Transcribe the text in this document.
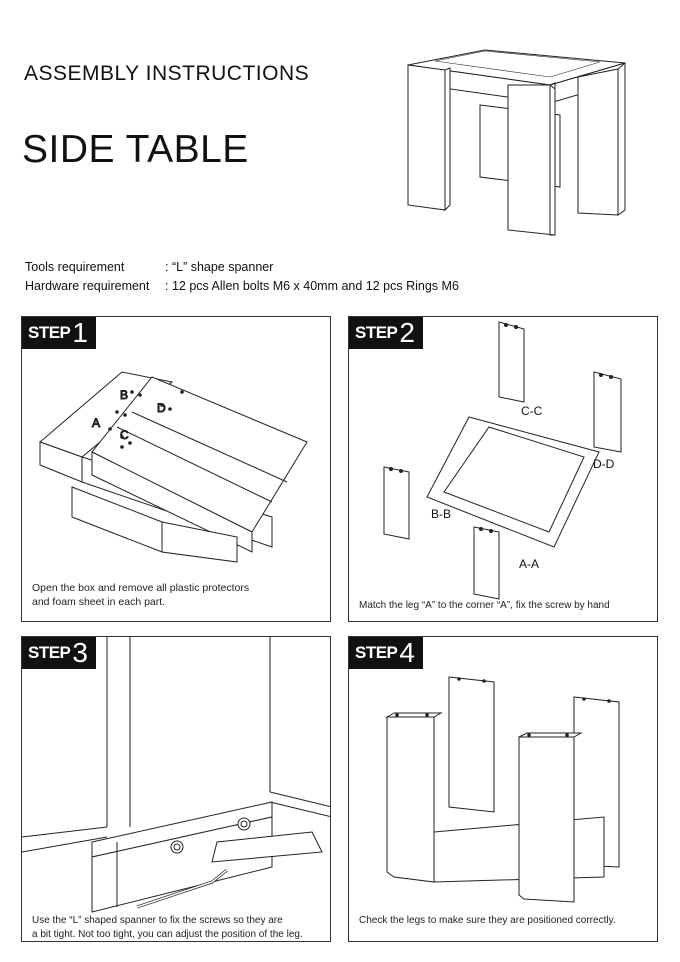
ASSEMBLY INSTRUCTIONS
SIDE TABLE
Tools requirement	: “L” shape spanner
Hardware requirement : 12 pcs Allen bolts M6 x 40mm and 12 pcs Rings M6
A
B
C
D
STEP 1
Open the box and remove all plastic protectors
and foam sheet in each part.
STEP 2
C-C
D-D
B-B
A-A
Match the leg “A” to the corner “A”, fix the screw by hand
STEP 3
Use the “L” shaped spanner to fix the screws so they are
a bit tight. Not too tight, you can adjust the position of the leg.
STEP 4
Check the legs to make sure they are positioned correctly.
